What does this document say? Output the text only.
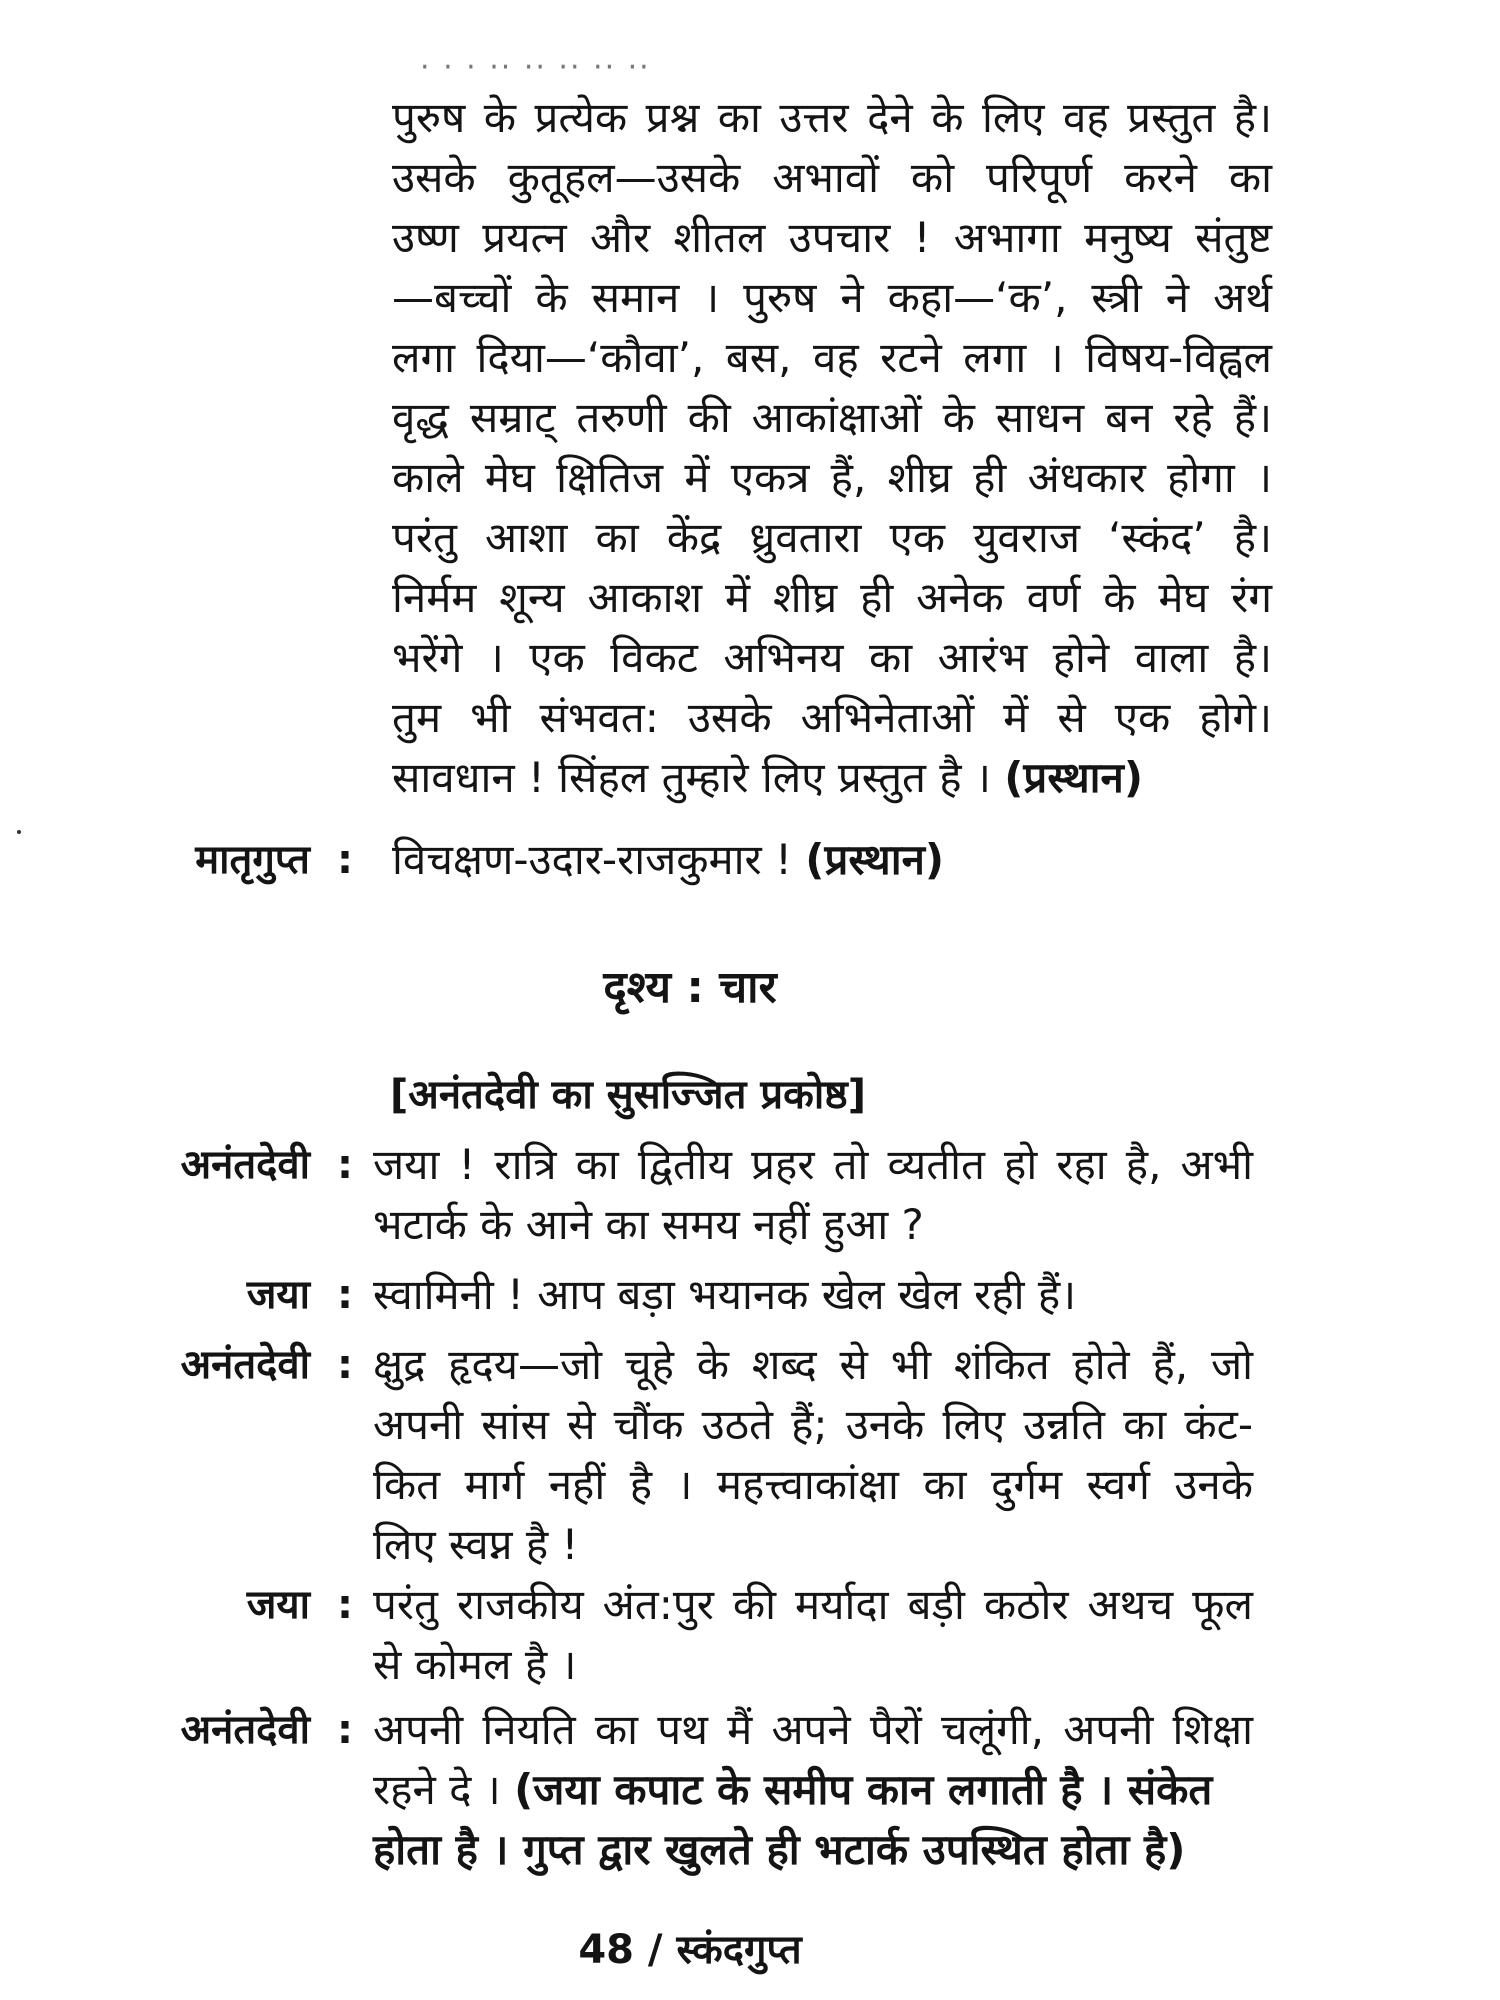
· · · ·· ·· ·· ·· ··
पुरुष के प्रत्येक प्रश्न का उत्तर देने के लिए वह प्रस्तुत है।
उसके कुतूहल—उसके अभावों को परिपूर्ण करने का
उष्ण प्रयत्न और शीतल उपचार ! अभागा मनुष्य संतुष्ट
—बच्चों के समान । पुरुष ने कहा—‘क’, स्त्री ने अर्थ
लगा दिया—‘कौवा’, बस, वह रटने लगा । विषय-विह्वल
वृद्ध सम्राट् तरुणी की आकांक्षाओं के साधन बन रहे हैं।
काले मेघ क्षितिज में एकत्र हैं, शीघ्र ही अंधकार होगा ।
परंतु आशा का केंद्र ध्रुवतारा एक युवराज ‘स्कंद’ है।
निर्मम शून्य आकाश में शीघ्र ही अनेक वर्ण के मेघ रंग
भरेंगे । एक विकट अभिनय का आरंभ होने वाला है।
तुम भी संभवत: उसके अभिनेताओं में से एक होगे।
सावधान ! सिंहल तुम्हारे लिए प्रस्तुत है । (प्रस्थान)
मातृगुप्त : विचक्षण-उदार-राजकुमार ! (प्रस्थान)
दृश्य : चार
[अनंतदेवी का सुसज्जित प्रकोष्ठ]
अनंतदेवी : जया ! रात्रि का द्वितीय प्रहर तो व्यतीत हो रहा है, अभी
भटार्क के आने का समय नहीं हुआ ?
जया : स्वामिनी ! आप बड़ा भयानक खेल खेल रही हैं।
अनंतदेवी : क्षुद्र हृदय—जो चूहे के शब्द से भी शंकित होते हैं, जो
अपनी सांस से चौंक उठते हैं; उनके लिए उन्नति का कंट-
कित मार्ग नहीं है । महत्त्वाकांक्षा का दुर्गम स्वर्ग उनके
लिए स्वप्न है !
जया : परंतु राजकीय अंत:पुर की मर्यादा बड़ी कठोर अथच फूल
से कोमल है ।
अनंतदेवी : अपनी नियति का पथ मैं अपने पैरों चलूंगी, अपनी शिक्षा
रहने दे । (जया कपाट के समीप कान लगाती है । संकेत
होता है । गुप्त द्वार खुलते ही भटार्क उपस्थित होता है)
48 / स्कंदगुप्त
